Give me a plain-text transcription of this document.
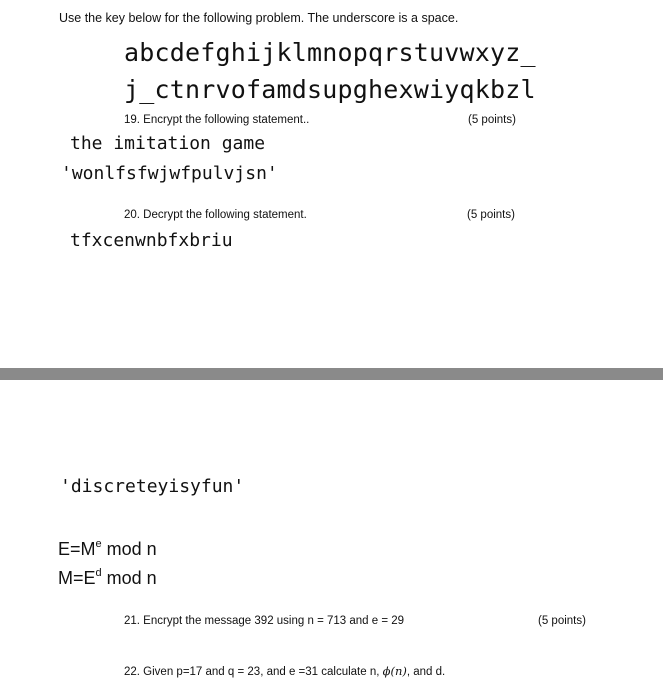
Use the key below for the following problem. The underscore is a space.
abcdefghijklmnopqrstuvwxyz_
j_ctnrvofamdsupghexwiyqkbzl
19. Encrypt the following statement..	(5 points)
the imitation game
'wonlfsfwjwfpulvjsn'
20. Decrypt the following statement.	(5 points)
tfxcenwnbfxbriu
'discreteyisyfun'
$E=M^e$ mod n
$M=E^d$ mod n
21. Encrypt the message 392 using n = 713 and e = 29	(5 points)
22. Given p=17 and q = 23, and e =31 calculate n, ϕ(n), and d.
